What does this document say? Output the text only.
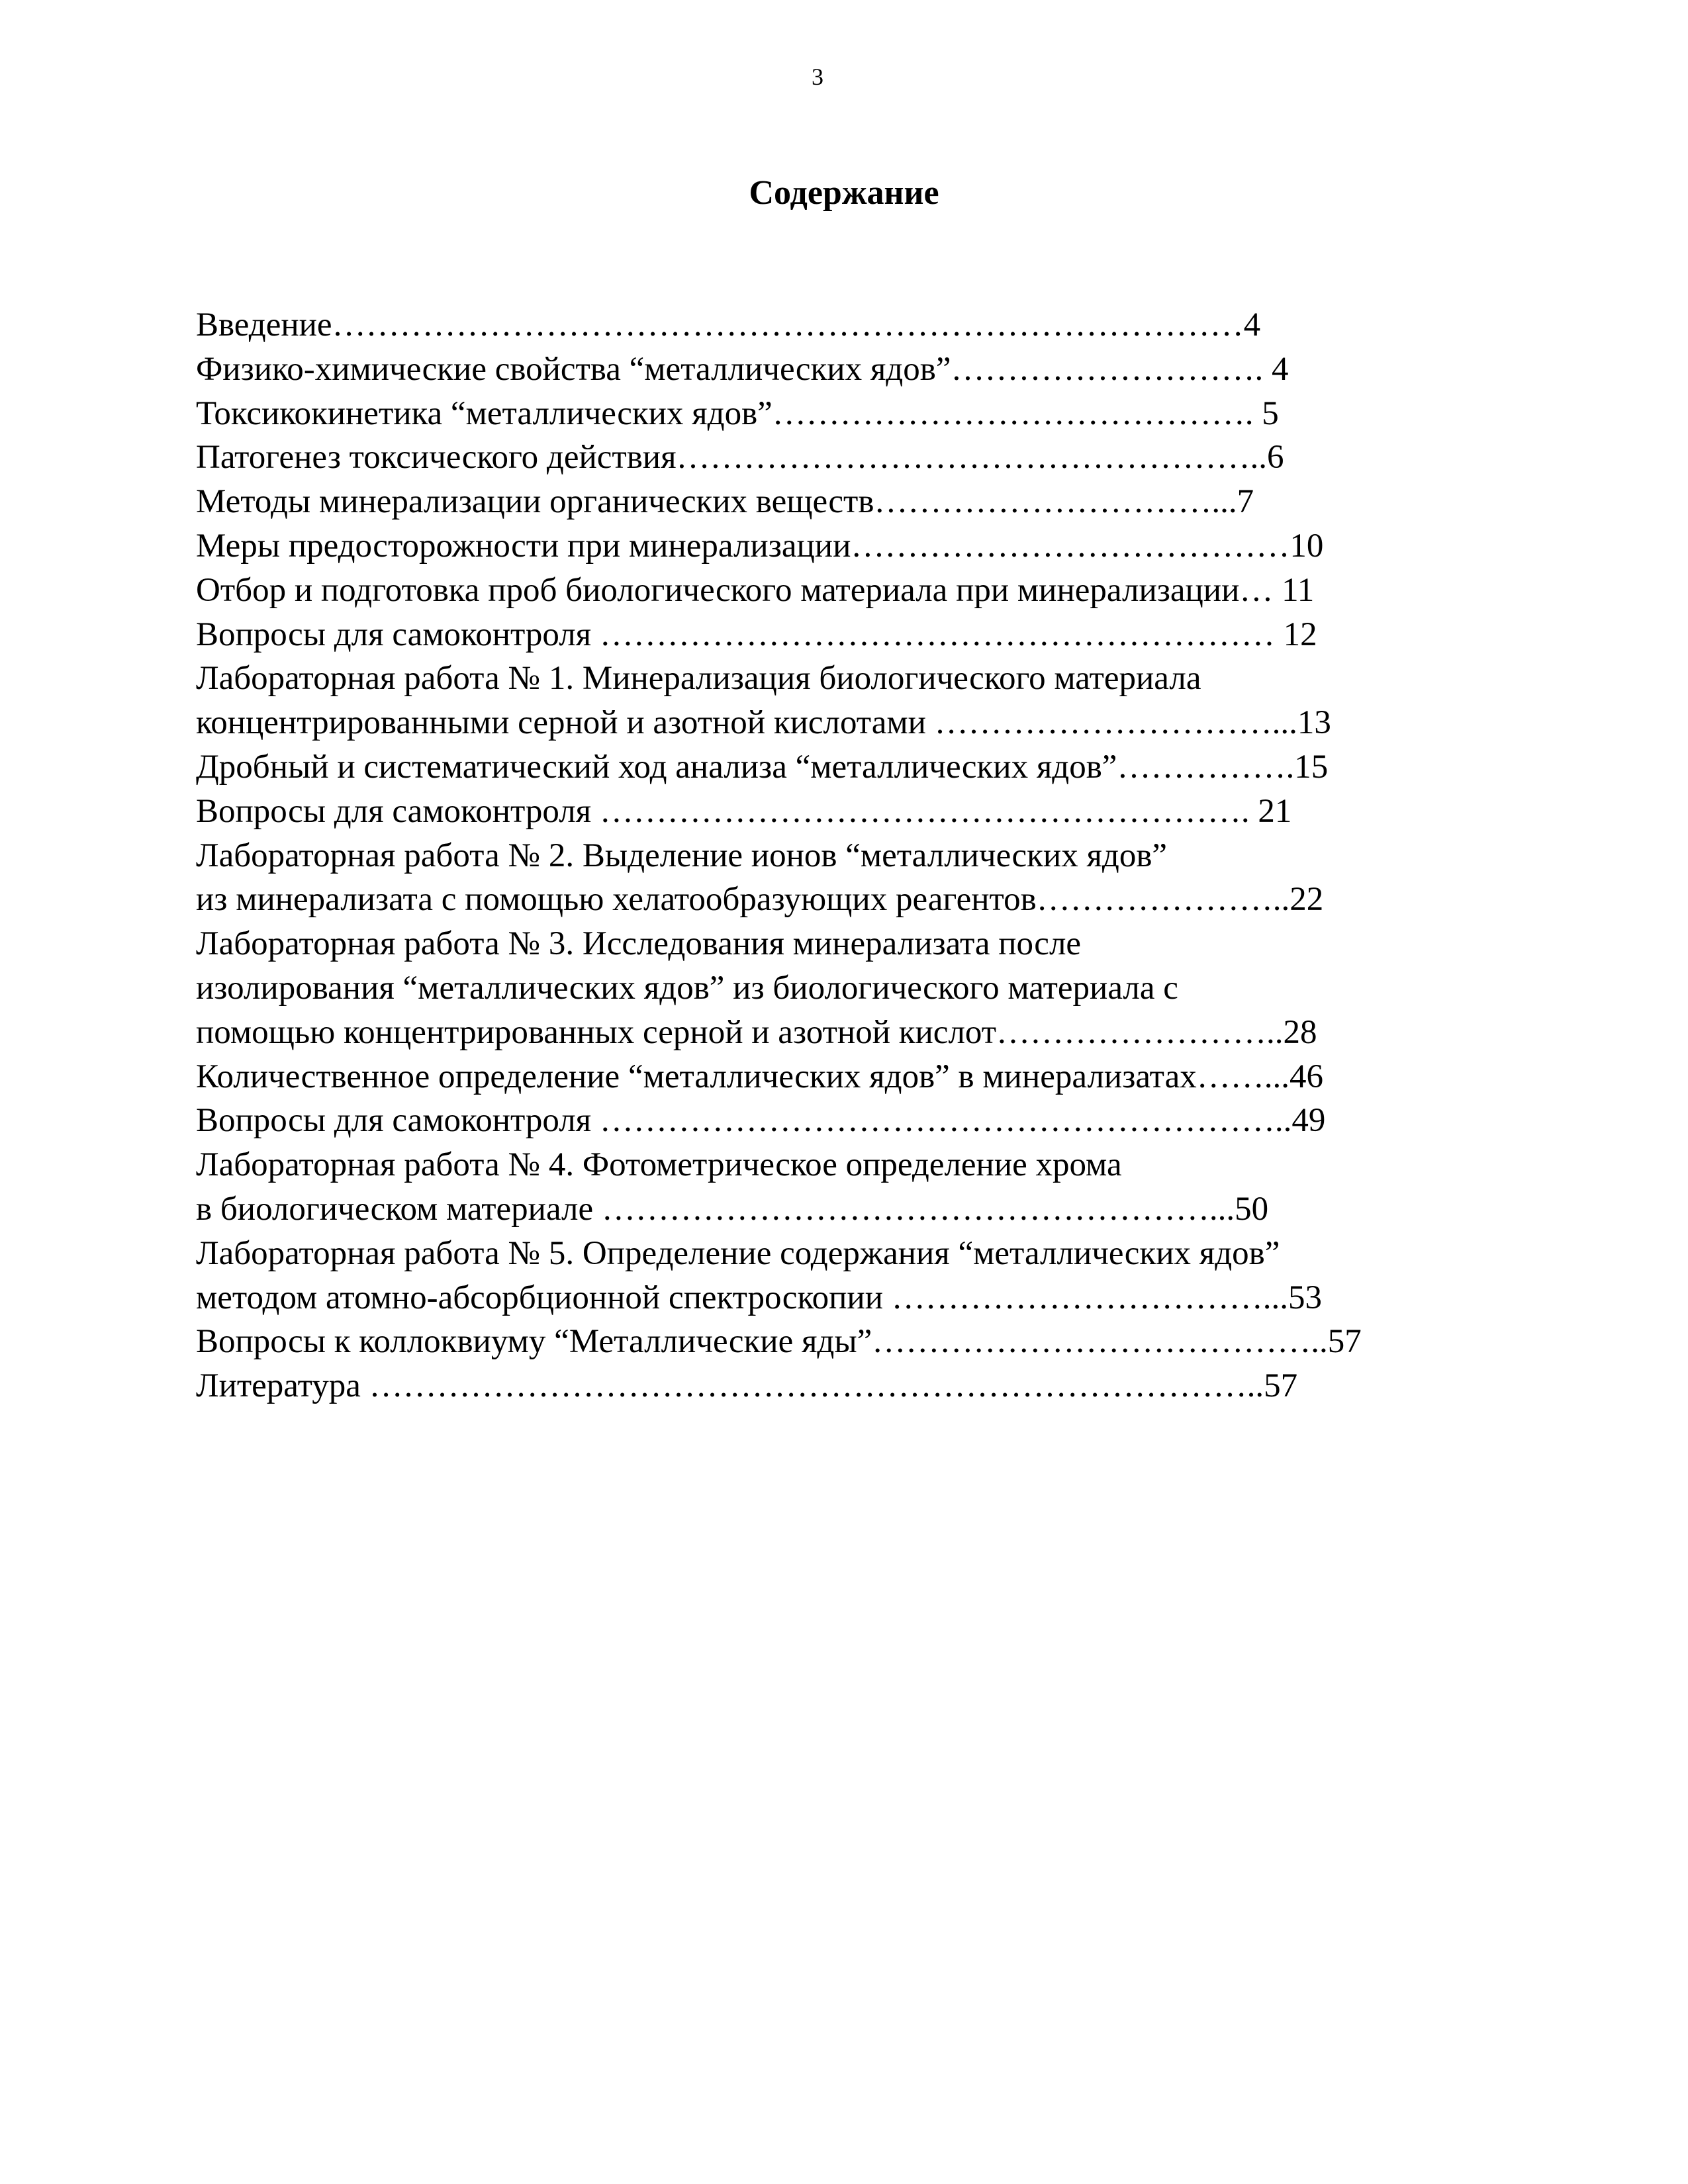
3
Содержание
Введение………………………………………………………………………4
Физико-химические свойства “металлических ядов”………………………. 4
Токсикокинетика “металлических ядов”……………………………………. 5
Патогенез токсического действия……………………………………………..6
Методы минерализации органических веществ…………………………...7
Меры предосторожности при минерализации…………………………………10
Отбор и подготовка проб биологического материала при минерализации… 11
Вопросы для самоконтроля …………………………………………………… 12
Лабораторная работа № 1. Минерализация биологического материала
концентрированными серной и азотной кислотами …………………………...13
Дробный и систематический ход анализа “металлических ядов”…………….15
Вопросы для самоконтроля …………………………………………………. 21
Лабораторная работа № 2. Выделение ионов “металлических ядов”
из минерализата с помощью хелатообразующих реагентов…………………..22
Лабораторная работа № 3. Исследования минерализата после
изолирования “металлических ядов” из биологического материала с
помощью концентрированных серной и азотной кислот……………………..28
Количественное определение “металлических ядов” в минерализатах……...46
Вопросы для самоконтроля ……………………………………………………..49
Лабораторная работа № 4. Фотометрическое определение хрома
в биологическом материале ………………………………………………...50
Лабораторная работа № 5. Определение содержания “металлических ядов”
методом атомно-абсорбционной спектроскопии ……………………………...53
Вопросы к коллоквиуму “Металлические яды”…………………………………..57
Литература ……………………………………………………………………..57
